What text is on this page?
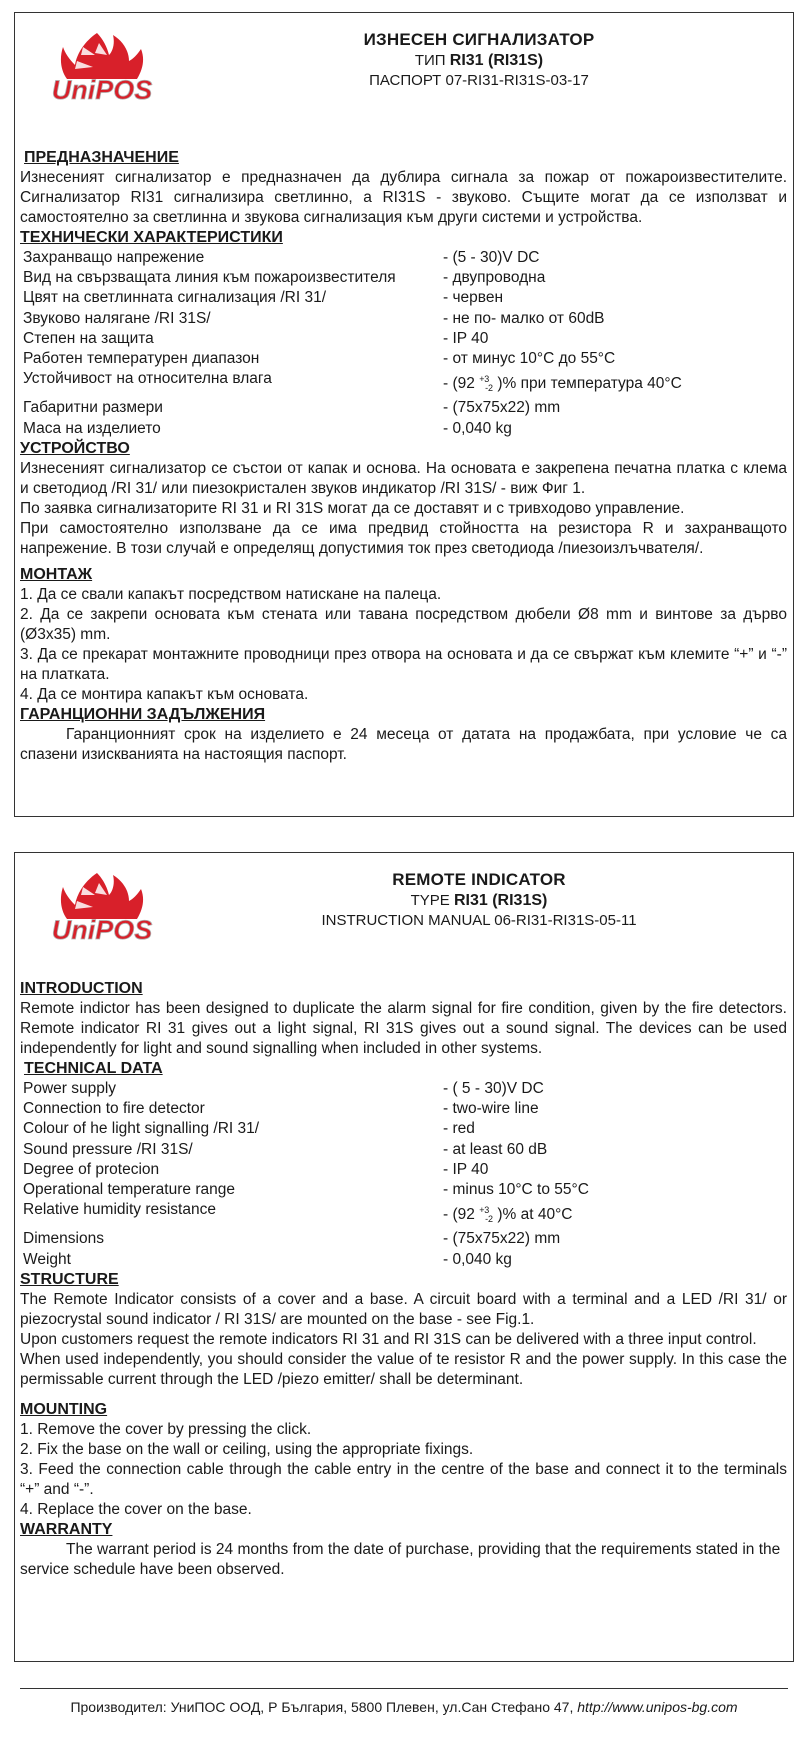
UniPOS
ИЗНЕСЕН СИГНАЛИЗАТОР
ТИП RI31 (RI31S)
ПАСПОРТ 07-RI31-RI31S-03-17
ПРЕДНАЗНАЧЕНИЕ

Изнесеният сигнализатор е предназначен да дублира сигнала за пожар от пожароизвестителите. Сигнализатор RI31 сигнализира светлинно, а RI31S - звуково. Същите могат да се използват и самостоятелно за светлинна и звукова сигнализация към други системи и устройства.

ТЕХНИЧЕСКИ ХАРАКТЕРИСТИКИ
Захранващо напрежение	- (5 - 30)V DC
Вид на свързващата линия към пожароизвестителя	- двупроводна
Цвят на светлинната сигнализация /RI 31/	- червен
Звуково налягане /RI 31S/	- не по- малко от 60dB
Степен на защита	- IP 40
Работен температурен диапазон	- от минус 10°C до 55°C
Устойчивост на относителна влага	- (92 $^{+3}_{-2}$ )% при температура 40°C
Габаритни размери	- (75x75x22) mm
Маса на изделието	- 0,040 kg
УСТРОЙСТВО

Изнесеният сигнализатор се състои от капак и основа. На основата е закрепена печатна платка с клема и светодиод /RI 31/ или пиезокристален звуков индикатор /RI 31S/ - виж Фиг 1.

По заявка сигнализаторите RI 31 и RI 31S могат да се доставят и с тривходово управление.

При самостоятелно използване да се има предвид стойността на резистора R и захранващото напрежение. В този случай е определящ допустимия ток през светодиода /пиезоизлъчвателя/.

МОНТАЖ

1. Да се свали капакът посредством натискане на палеца.

2. Да се закрепи основата към стената или тавана посредством дюбели Ø8 mm и винтове за дърво (Ø3x35) mm.

3. Да се прекарат монтажните проводници през отвора на основата и да се свържат към клемите “+” и “-” на платката.

4. Да се монтира капакът към основата.

ГАРАНЦИОННИ ЗАДЪЛЖЕНИЯ

Гаранционният срок на изделието е 24 месеца от датата на продажбата, при условие че са спазени изискванията на настоящия паспорт.

UniPOS
REMOTE INDICATOR
TYPE RI31 (RI31S)
INSTRUCTION MANUAL 06-RI31-RI31S-05-11
INTRODUCTION

Remote indictor has been designed to duplicate the alarm signal for fire condition, given by the fire detectors. Remote indicator RI 31 gives out a light signal, RI 31S gives out a sound signal. The devices can be used independently for light and sound signalling when included in other systems.

TECHNICAL DATA
Power supply	- ( 5 - 30)V DC
Connection to fire detector	- two-wire line
Colour of he light signalling /RI 31/	- red
Sound pressure /RI 31S/	- at least 60 dB
Degree of protecion	- IP 40
Operational temperature range	- minus 10°C to 55°C
Relative humidity resistance	- (92 $^{+3}_{-2}$ )% at 40°C
Dimensions	- (75x75x22) mm
Weight	- 0,040 kg
STRUCTURE

The Remote Indicator consists of a cover and a base. A circuit board with a terminal and a LED /RI 31/ or piezocrystal sound indicator / RI 31S/ are mounted on the base - see Fig.1.

Upon customers request the remote indicators RI 31 and RI 31S can be delivered with a three input control.

When used independently, you should consider the value of te resistor R and the power supply. In this case the permissable current through the LED /piezo emitter/ shall be determinant.

MOUNTING

1. Remove the cover by pressing the click.

2. Fix the base on the wall or ceiling, using the appropriate fixings.

3. Feed the connection cable through the cable entry in the centre of the base and connect it to the terminals “+” and “-”.

4. Replace the cover on the base.

WARRANTY

The warrant period is 24 months from the date of purchase, providing that the requirements stated in the service schedule have been observed.

Производител: УниПОС ООД, Р България, 5800 Плевен, ул.Сан Стефано 47, http://www.unipos-bg.com
